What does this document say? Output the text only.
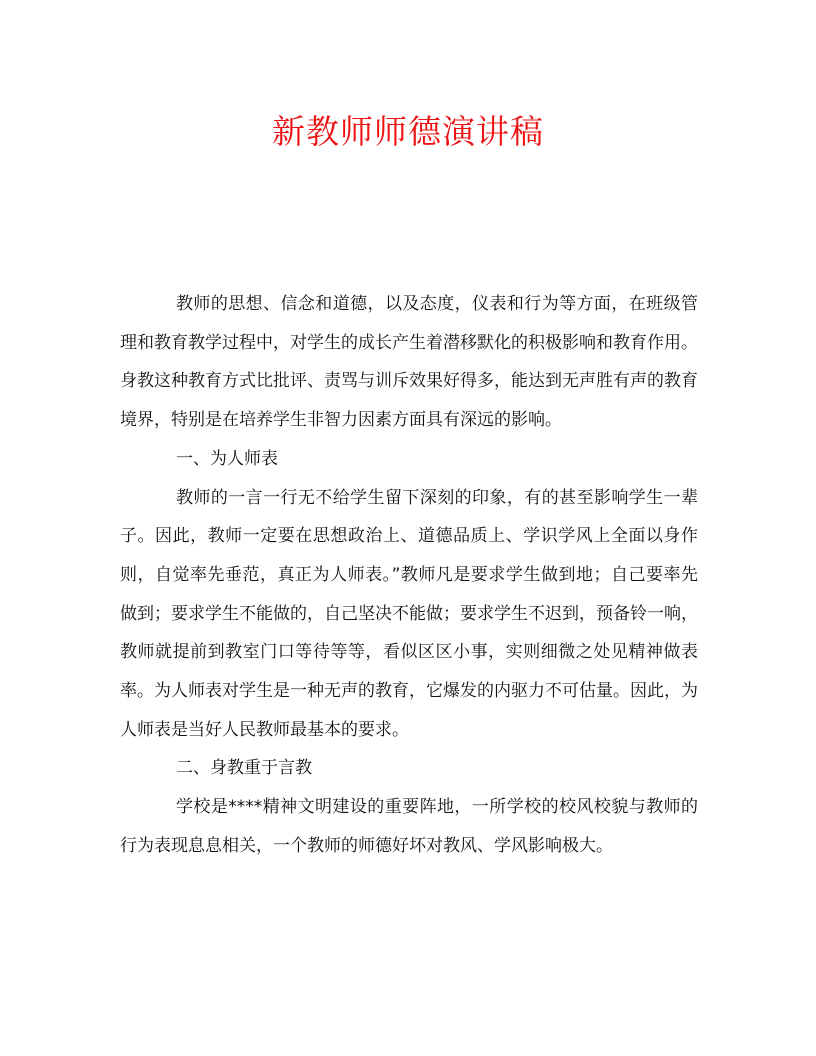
新教师师德演讲稿

教师的思想、信念和道德，以及态度，仪表和行为等方面，在班级管理和教育教学过程中，对学生的成长产生着潜移默化的积极影响和教育作用。身教这种教育方式比批评、责骂与训斥效果好得多，能达到无声胜有声的教育境界，特别是在培养学生非智力因素方面具有深远的影响。

一、为人师表

教师的一言一行无不给学生留下深刻的印象，有的甚至影响学生一辈子。因此，教师一定要在思想政治上、道德品质上、学识学风上全面以身作则，自觉率先垂范，真正为人师表。”教师凡是要求学生做到地；自己要率先做到；要求学生不能做的，自己坚决不能做；要求学生不迟到，预备铃一响，教师就提前到教室门口等待等等，看似区区小事，实则细微之处见精神做表率。为人师表对学生是一种无声的教育，它爆发的内驱力不可估量。因此，为人师表是当好人民教师最基本的要求。

二、身教重于言教

学校是****精神文明建设的重要阵地，一所学校的校风校貌与教师的行为表现息息相关，一个教师的师德好坏对教风、学风影响极大。
